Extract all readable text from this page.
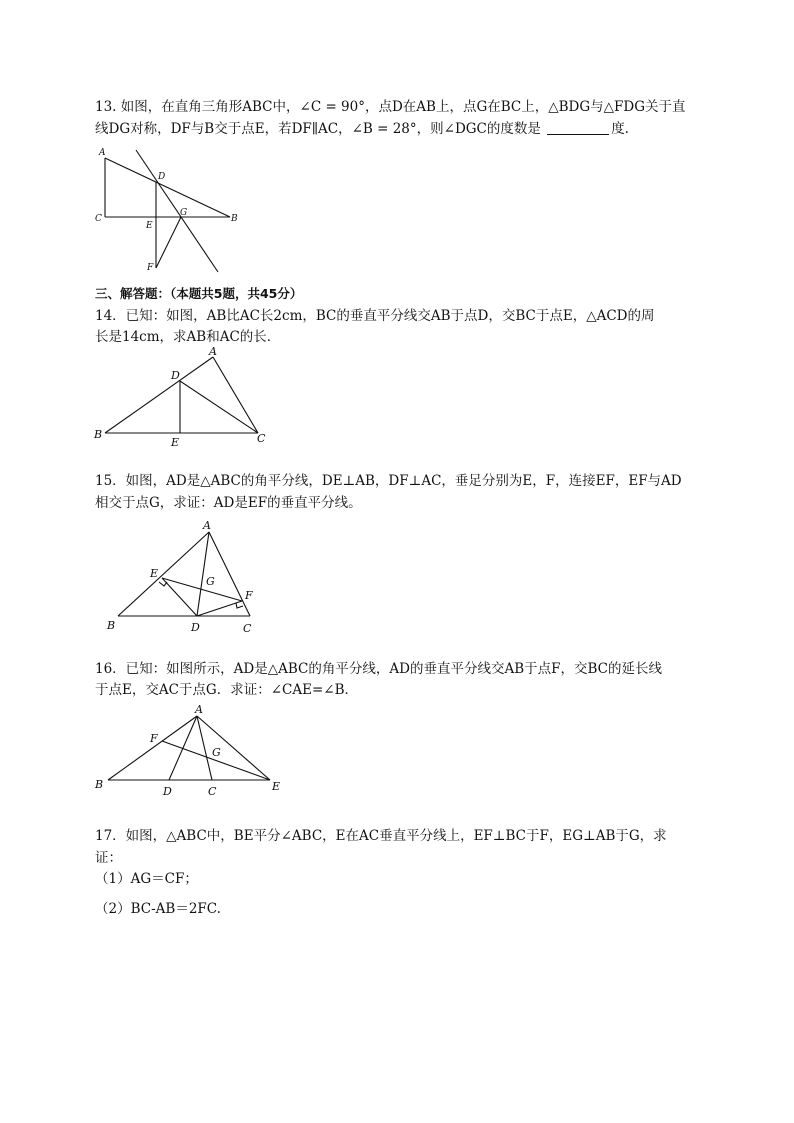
13. 如图，在直角三角形ABC中，∠C = 90°，点D在AB上，点G在BC上，△BDG与△FDG关于直
线DG对称，DF与B交于点E，若DF∥AC，∠B = 28°，则∠DGC的度数是	度.
A
D
C
E
G
B
F
三、解答题：（本题共5题，共45分）
14．已知：如图，AB比AC长2cm，BC的垂直平分线交AB于点D，交BC于点E，△ACD的周
长是14cm，求AB和AC的长．
A
D
B
E	C
15．如图，AD是△ABC的角平分线，DE⊥AB，DF⊥AC，垂足分别为E，F，连接EF，EF与AD
相交于点G，求证：AD是EF的垂直平分线。
A
E
G
F
B	D	C
16．已知：如图所示，AD是△ABC的角平分线，AD的垂直平分线交AB于点F，交BC的延长线
于点E，交AC于点G．求证：∠CAE=∠B．
A
F
G
B
D	C	E
17．如图，△ABC中，BE平分∠ABC，E在AC垂直平分线上，EF⊥BC于F，EG⊥AB于G，求
证：
（1）AG＝CF；
（2）BC-AB＝2FC.
